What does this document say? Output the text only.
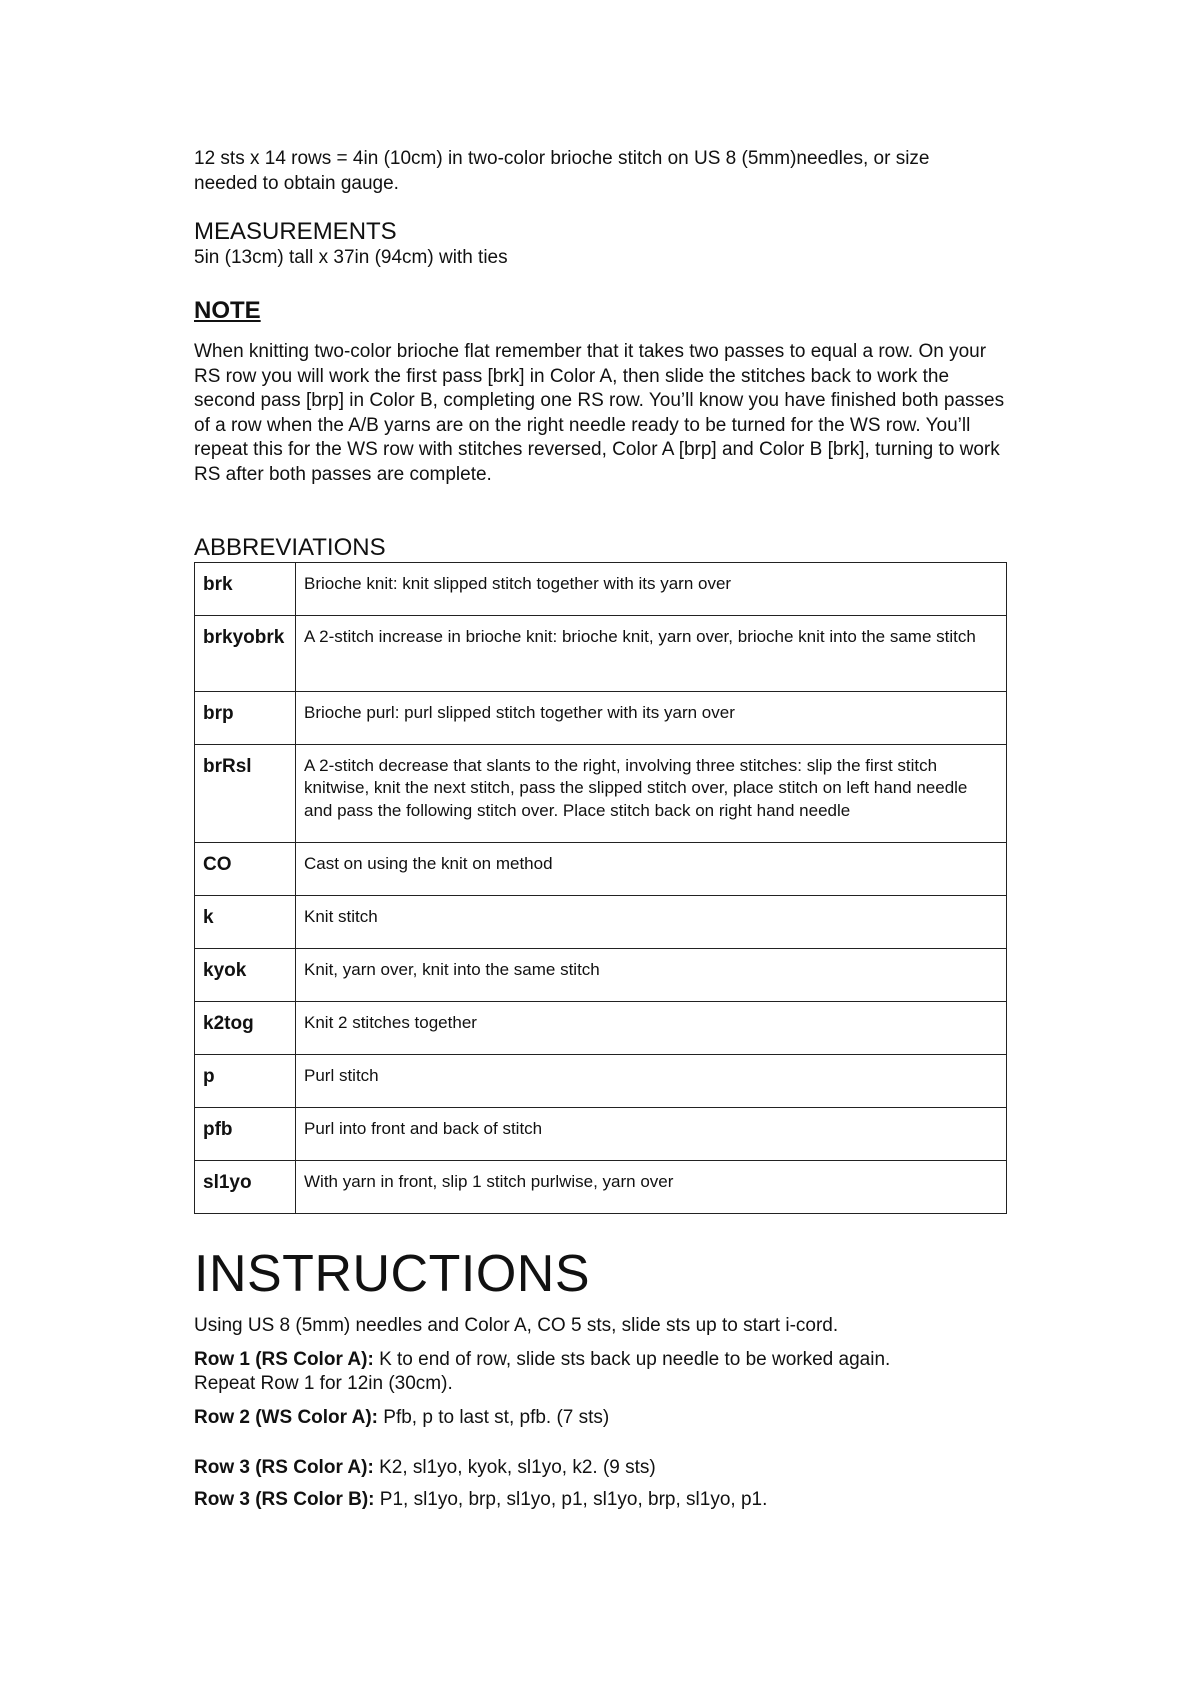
12 sts x 14 rows = 4in (10cm) in two-color brioche stitch on US 8 (5mm)needles, or size needed to obtain gauge.

MEASUREMENTS

5in (13cm) tall x 37in (94cm) with ties

NOTE

When knitting two-color brioche flat remember that it takes two passes to equal a row. On your RS row you will work the first pass [brk] in Color A, then slide the stitches back to work the second pass [brp] in Color B, completing one RS row. You’ll know you have finished both passes of a row when the A/B yarns are on the right needle ready to be turned for the WS row. You’ll repeat this for the WS row with stitches reversed, Color A [brp] and Color B [brk], turning to work RS after both passes are complete.

ABBREVIATIONS
brk	Brioche knit: knit slipped stitch together with its yarn over
brkyobrk	A 2-stitch increase in brioche knit: brioche knit, yarn over, brioche knit into the same stitch
brp	Brioche purl: purl slipped stitch together with its yarn over
brRsl	A 2-stitch decrease that slants to the right, involving three stitches: slip the first stitch knitwise, knit the next stitch, pass the slipped stitch over, place stitch on left hand needle and pass the following stitch over. Place stitch back on right hand needle
CO	Cast on using the knit on method
k	Knit stitch
kyok	Knit, yarn over, knit into the same stitch
k2tog	Knit 2 stitches together
p	Purl stitch
pfb	Purl into front and back of stitch
sl1yo	With yarn in front, slip 1 stitch purlwise, yarn over
INSTRUCTIONS

Using US 8 (5mm) needles and Color A, CO 5 sts, slide sts up to start i-cord.

Row 1 (RS Color A): K to end of row, slide sts back up needle to be worked again.

Repeat Row 1 for 12in (30cm).

Row 2 (WS Color A): Pfb, p to last st, pfb. (7 sts)

Row 3 (RS Color A): K2, sl1yo, kyok, sl1yo, k2. (9 sts)

Row 3 (RS Color B): P1, sl1yo, brp, sl1yo, p1, sl1yo, brp, sl1yo, p1.
